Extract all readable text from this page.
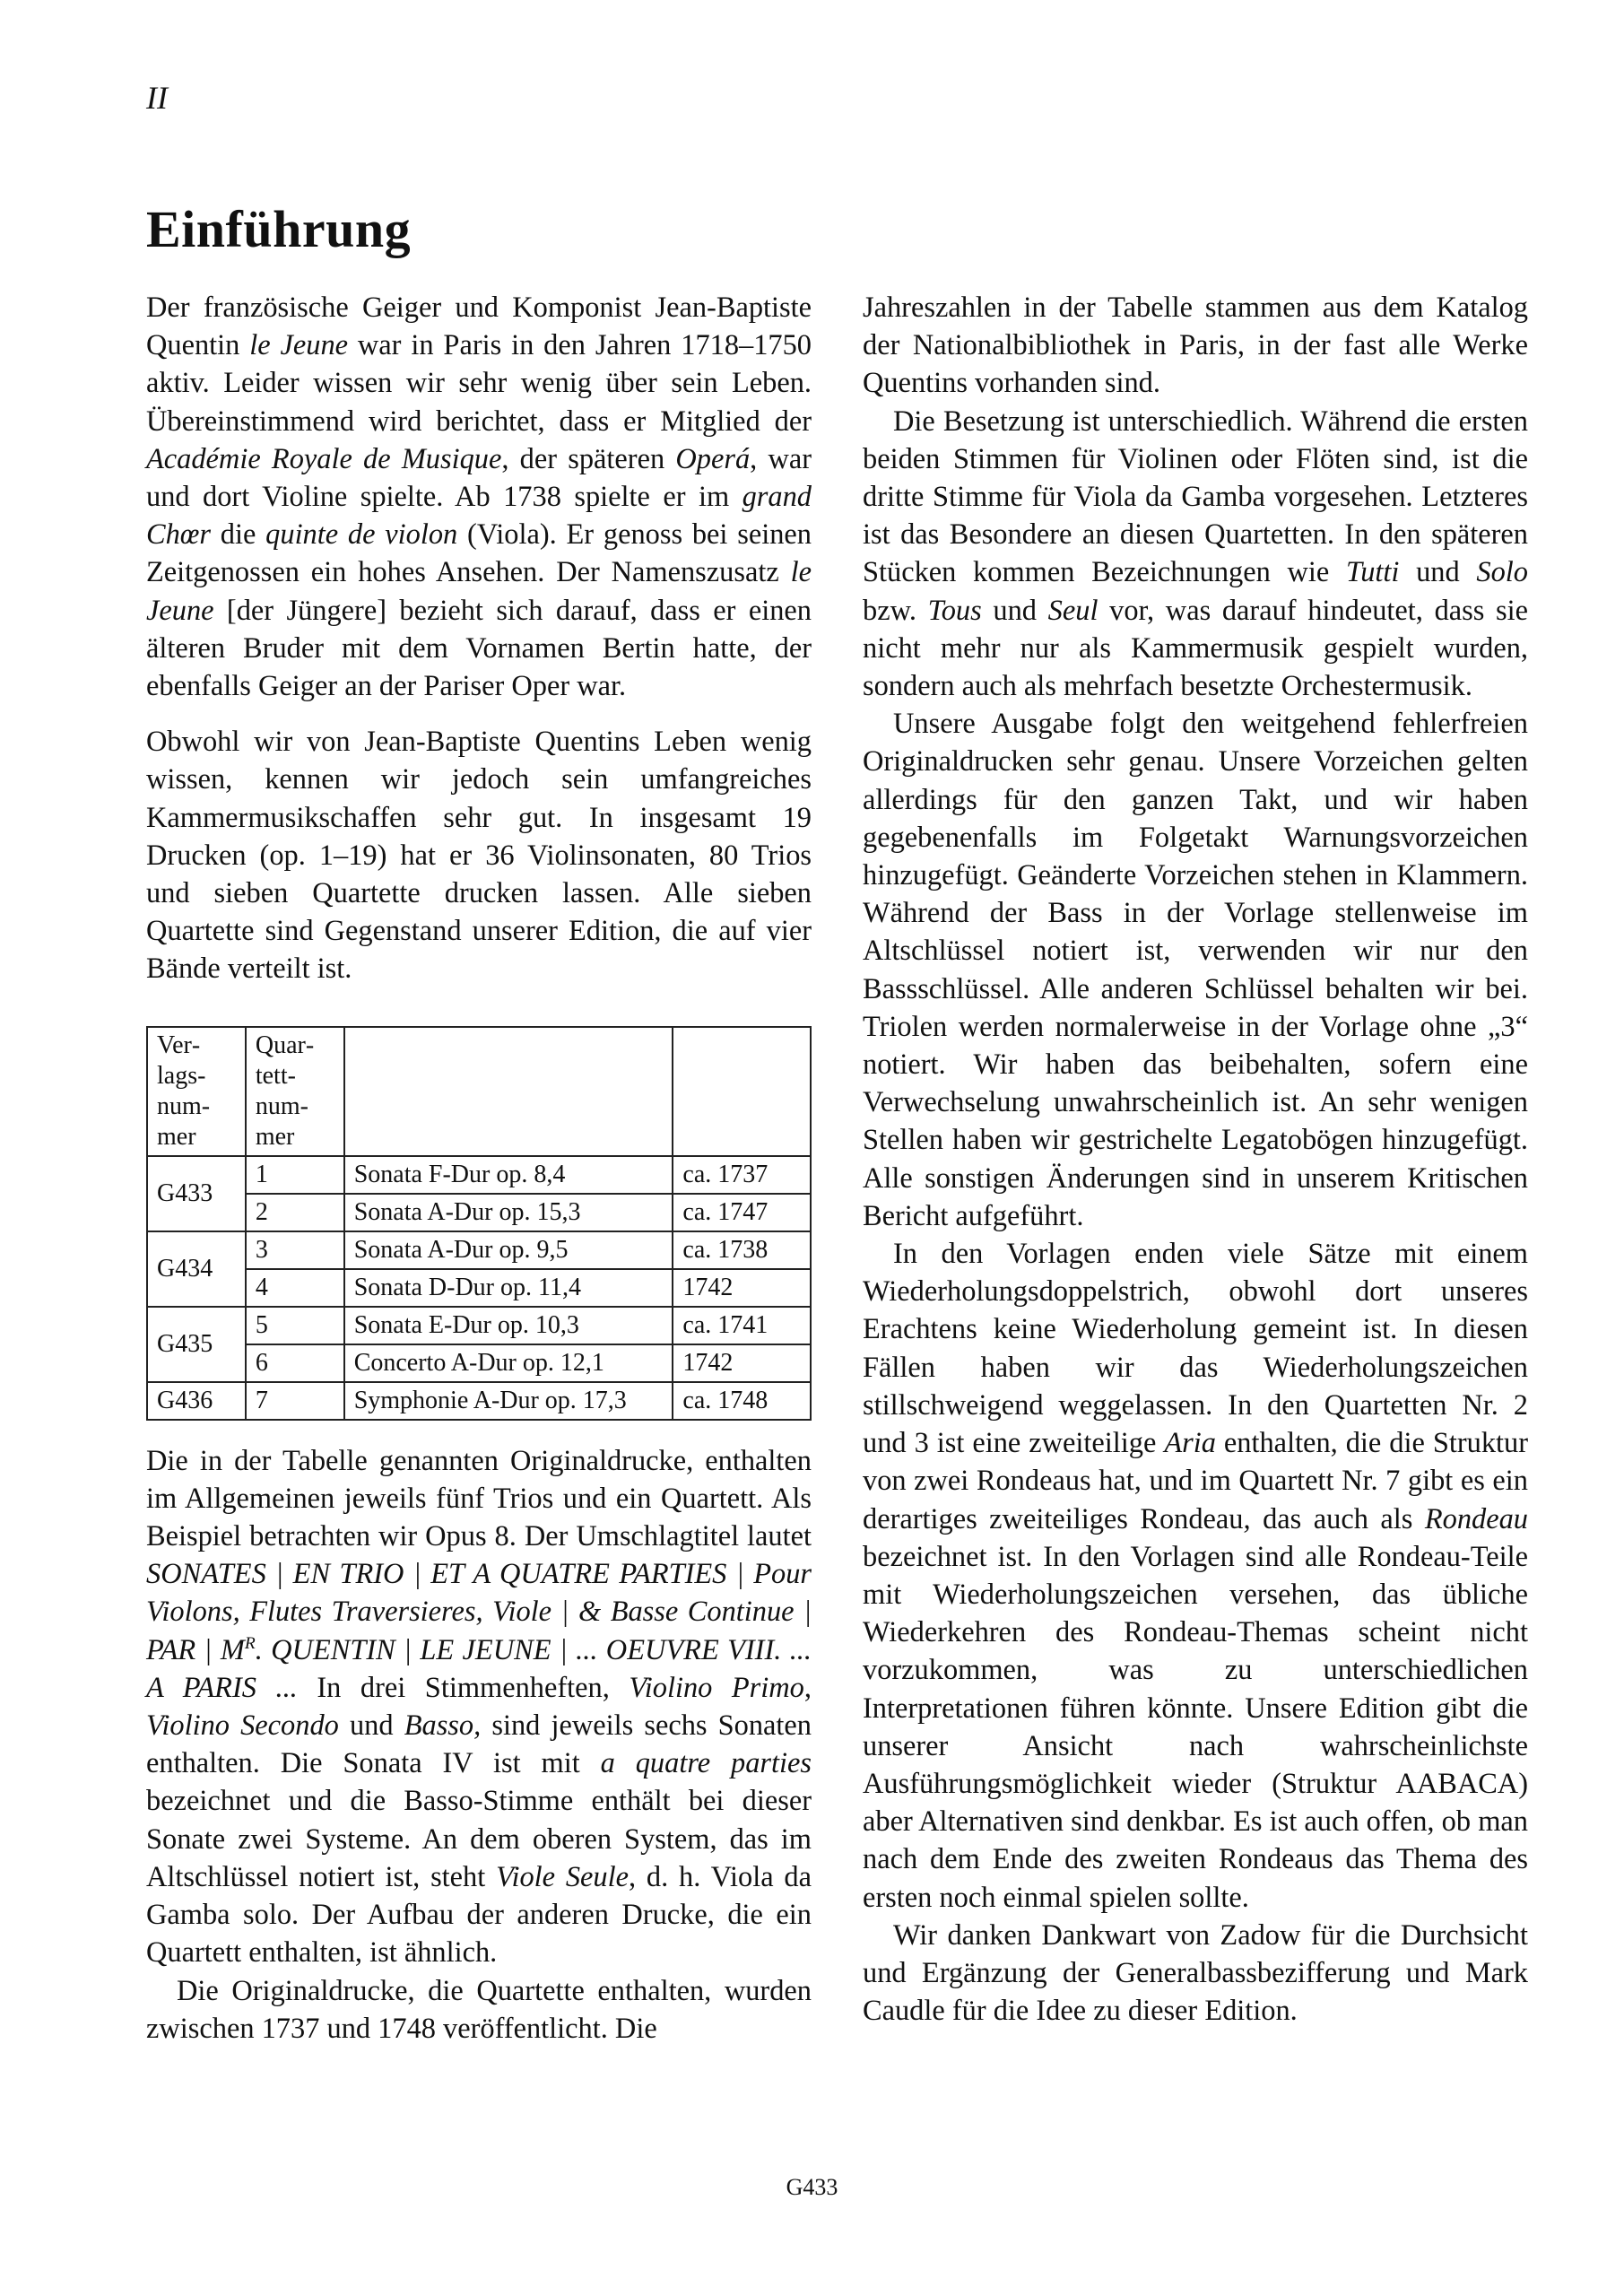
II
Einführung

Der französische Geiger und Komponist Jean-Baptiste Quentin le Jeune war in Paris in den Jahren 1718–1750 aktiv. Leider wissen wir sehr wenig über sein Leben. Übereinstimmend wird berichtet, dass er Mitglied der Académie Royale de Musique, der späteren Operá, war und dort Violine spielte. Ab 1738 spielte er im grand Chœr die quinte de violon (Viola). Er genoss bei seinen Zeitgenossen ein hohes Ansehen. Der Namenszusatz le Jeune [der Jüngere] bezieht sich darauf, dass er einen älteren Bruder mit dem Vornamen Bertin hatte, der ebenfalls Geiger an der Pariser Oper war.

Obwohl wir von Jean-Baptiste Quentins Leben wenig wissen, kennen wir jedoch sein umfangreiches Kammermusikschaffen sehr gut. In insgesamt 19 Drucken (op. 1–19) hat er 36 Violinsonaten, 80 Trios und sieben Quartette drucken lassen. Alle sieben Quartette sind Gegenstand unserer Edition, die auf vier Bände verteilt ist.

Verlagsnummer	Quartettnummer		
G433	1	Sonata F-Dur op. 8,4	ca. 1737
	2	Sonata A-Dur op. 15,3	ca. 1747
G434	3	Sonata A-Dur op. 9,5	ca. 1738
	4	Sonata D-Dur op. 11,4	1742
G435	5	Sonata E-Dur op. 10,3	ca. 1741
	6	Concerto A-Dur op. 12,1	1742
G436	7	Symphonie A-Dur op. 17,3	ca. 1748

Die in der Tabelle genannten Originaldrucke, enthalten im Allgemeinen jeweils fünf Trios und ein Quartett. Als Beispiel betrachten wir Opus 8. Der Umschlagtitel lautet SONATES | EN TRIO | ET A QUATRE PARTIES | Pour Violons, Flutes Traversieres, Viole | & Basse Continue | PAR | $M^R$. QUENTIN | LE JEUNE | ... OEUVRE VIII. ... A PARIS ... In drei Stimmenheften, Violino Primo, Violino Secondo und Basso, sind jeweils sechs Sonaten enthalten. Die Sonata IV ist mit a quatre parties bezeichnet und die Basso-Stimme enthält bei dieser Sonate zwei Systeme. An dem oberen System, das im Altschlüssel notiert ist, steht Viole Seule, d. h. Viola da Gamba solo. Der Aufbau der anderen Drucke, die ein Quartett enthalten, ist ähnlich.

Die Originaldrucke, die Quartette enthalten, wurden zwischen 1737 und 1748 veröffentlicht. Die

Jahreszahlen in der Tabelle stammen aus dem Katalog der Nationalbibliothek in Paris, in der fast alle Werke Quentins vorhanden sind.

Die Besetzung ist unterschiedlich. Während die ersten beiden Stimmen für Violinen oder Flöten sind, ist die dritte Stimme für Viola da Gamba vorgesehen. Letzteres ist das Besondere an diesen Quartetten. In den späteren Stücken kommen Bezeichnungen wie Tutti und Solo bzw. Tous und Seul vor, was darauf hindeutet, dass sie nicht mehr nur als Kammermusik gespielt wurden, sondern auch als mehrfach besetzte Orchestermusik.

Unsere Ausgabe folgt den weitgehend fehlerfreien Originaldrucken sehr genau. Unsere Vorzeichen gelten allerdings für den ganzen Takt, und wir haben gegebenenfalls im Folgetakt Warnungsvorzeichen hinzugefügt. Geänderte Vorzeichen stehen in Klammern. Während der Bass in der Vorlage stellenweise im Altschlüssel notiert ist, verwenden wir nur den Bassschlüssel. Alle anderen Schlüssel behalten wir bei. Triolen werden normalerweise in der Vorlage ohne „3“ notiert. Wir haben das beibehalten, sofern eine Verwechselung unwahrscheinlich ist. An sehr wenigen Stellen haben wir gestrichelte Legatobögen hinzugefügt. Alle sonstigen Änderungen sind in unserem Kritischen Bericht aufgeführt.

In den Vorlagen enden viele Sätze mit einem Wiederholungsdoppelstrich, obwohl dort unseres Erachtens keine Wiederholung gemeint ist. In diesen Fällen haben wir das Wiederholungszeichen stillschweigend weggelassen. In den Quartetten Nr. 2 und 3 ist eine zweiteilige Aria enthalten, die die Struktur von zwei Rondeaus hat, und im Quartett Nr. 7 gibt es ein derartiges zweiteiliges Rondeau, das auch als Rondeau bezeichnet ist. In den Vorlagen sind alle Rondeau-Teile mit Wiederholungszeichen versehen, das übliche Wiederkehren des Rondeau-Themas scheint nicht vorzukommen, was zu unterschiedlichen Interpretationen führen könnte. Unsere Edition gibt die unserer Ansicht nach wahrscheinlichste Ausführungsmöglichkeit wieder (Struktur AABACA) aber Alternativen sind denkbar. Es ist auch offen, ob man nach dem Ende des zweiten Rondeaus das Thema des ersten noch einmal spielen sollte.

Wir danken Dankwart von Zadow für die Durchsicht und Ergänzung der Generalbassbezifferung und Mark Caudle für die Idee zu dieser Edition.

G433
